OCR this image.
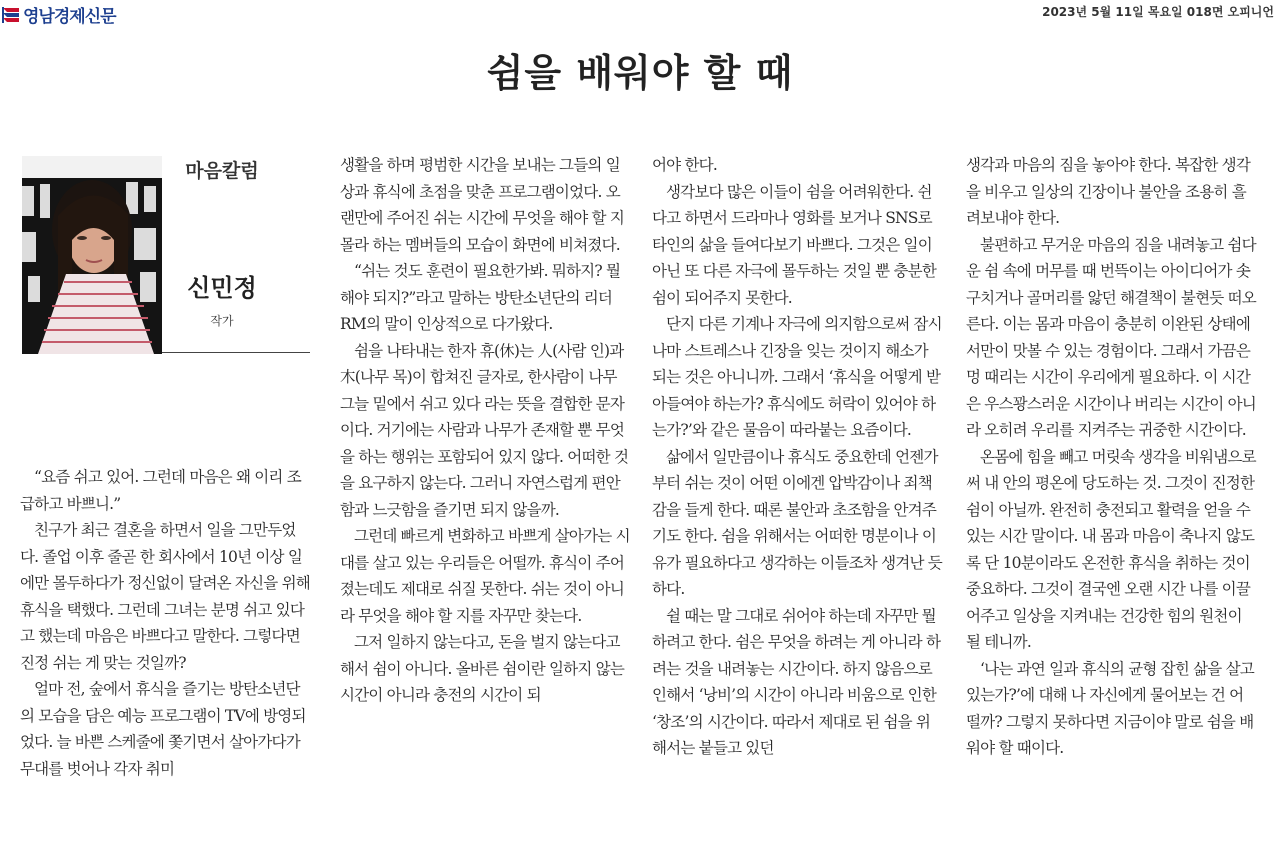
영남경제신문	2023년 5월 11일 목요일 018면 오피니언
쉼을 배워야 할 때
마음칼럼
신민정
작가

“요즘 쉬고 있어. 그런데 마음은 왜 이리 조급하고 바쁘니.”

친구가 최근 결혼을 하면서 일을 그만두었다. 졸업 이후 줄곧 한 회사에서 10년 이상 일에만 몰두하다가 정신없이 달려온 자신을 위해 휴식을 택했다. 그런데 그녀는 분명 쉬고 있다고 했는데 마음은 바쁘다고 말한다. 그렇다면 진정 쉬는 게 맞는 것일까?

얼마 전, 숲에서 휴식을 즐기는 방탄소년단의 모습을 담은 예능 프로그램이 TV에 방영되었다. 늘 바쁜 스케줄에 쫓기면서 살아가다가 무대를 벗어나 각자 취미

생활을 하며 평범한 시간을 보내는 그들의 일상과 휴식에 초점을 맞춘 프로그램이었다. 오랜만에 주어진 쉬는 시간에 무엇을 해야 할 지 몰라 하는 멤버들의 모습이 화면에 비쳐졌다.

“쉬는 것도 훈련이 필요한가봐. 뭐하지? 뭘 해야 되지?”라고 말하는 방탄소년단의 리더 RM의 말이 인상적으로 다가왔다.

쉼을 나타내는 한자 휴(休)는 人(사람 인)과 木(나무 목)이 합쳐진 글자로, 한사람이 나무 그늘 밑에서 쉬고 있다 라는 뜻을 결합한 문자이다. 거기에는 사람과 나무가 존재할 뿐 무엇을 하는 행위는 포함되어 있지 않다. 어떠한 것을 요구하지 않는다. 그러니 자연스럽게 편안함과 느긋함을 즐기면 되지 않을까.

그런데 빠르게 변화하고 바쁘게 살아가는 시대를 살고 있는 우리들은 어떨까. 휴식이 주어졌는데도 제대로 쉬질 못한다. 쉬는 것이 아니라 무엇을 해야 할 지를 자꾸만 찾는다.

그저 일하지 않는다고, 돈을 벌지 않는다고 해서 쉼이 아니다. 올바른 쉼이란 일하지 않는 시간이 아니라 충전의 시간이 되

어야 한다.

생각보다 많은 이들이 쉼을 어려워한다. 쉰다고 하면서 드라마나 영화를 보거나 SNS로 타인의 삶을 들여다보기 바쁘다. 그것은 일이 아닌 또 다른 자극에 몰두하는 것일 뿐 충분한 쉼이 되어주지 못한다.

단지 다른 기계나 자극에 의지함으로써 잠시나마 스트레스나 긴장을 잊는 것이지 해소가 되는 것은 아니니까. 그래서 ‘휴식을 어떻게 받아들여야 하는가? 휴식에도 허락이 있어야 하는가?’와 같은 물음이 따라붙는 요즘이다.

삶에서 일만큼이나 휴식도 중요한데 언젠가부터 쉬는 것이 어떤 이에겐 압박감이나 죄책감을 들게 한다. 때론 불안과 초조함을 안겨주기도 한다. 쉼을 위해서는 어떠한 명분이나 이유가 필요하다고 생각하는 이들조차 생겨난 듯하다.

쉴 때는 말 그대로 쉬어야 하는데 자꾸만 뭘 하려고 한다. 쉼은 무엇을 하려는 게 아니라 하려는 것을 내려놓는 시간이다. 하지 않음으로 인해서 ‘낭비’의 시간이 아니라 비움으로 인한 ‘창조’의 시간이다. 따라서 제대로 된 쉼을 위해서는 붙들고 있던

생각과 마음의 짐을 놓아야 한다. 복잡한 생각을 비우고 일상의 긴장이나 불안을 조용히 흘려보내야 한다.

불편하고 무거운 마음의 짐을 내려놓고 쉼다운 쉼 속에 머무를 때 번뜩이는 아이디어가 솟구치거나 골머리를 앓던 해결책이 불현듯 떠오른다. 이는 몸과 마음이 충분히 이완된 상태에서만이 맛볼 수 있는 경험이다. 그래서 가끔은 멍 때리는 시간이 우리에게 필요하다. 이 시간은 우스꽝스러운 시간이나 버리는 시간이 아니라 오히려 우리를 지켜주는 귀중한 시간이다.

온몸에 힘을 빼고 머릿속 생각을 비워냄으로써 내 안의 평온에 당도하는 것. 그것이 진정한 쉼이 아닐까. 완전히 충전되고 활력을 얻을 수 있는 시간 말이다. 내 몸과 마음이 축나지 않도록 단 10분이라도 온전한 휴식을 취하는 것이 중요하다. 그것이 결국엔 오랜 시간 나를 이끌어주고 일상을 지켜내는 건강한 힘의 원천이 될 테니까.

‘나는 과연 일과 휴식의 균형 잡힌 삶을 살고 있는가?’에 대해 나 자신에게 물어보는 건 어떨까? 그렇지 못하다면 지금이야 말로 쉼을 배워야 할 때이다.
